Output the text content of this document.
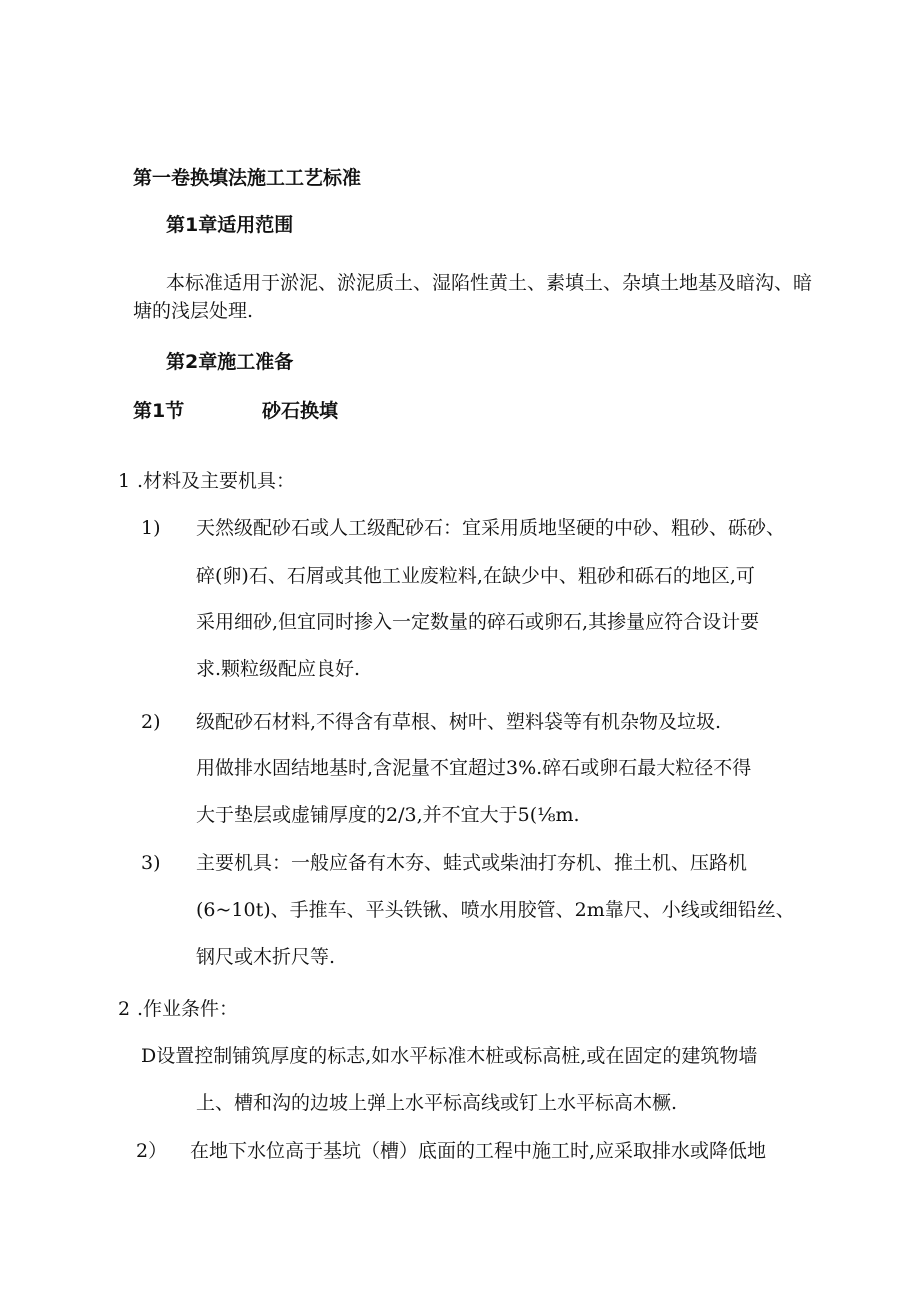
第一卷换填法施工工艺标准
第1章适用范围
本标准适用于淤泥、淤泥质土、湿陷性黄土、素填土、杂填土地基及暗沟、暗
塘的浅层处理.
第2章施工准备
第1节	砂石换填
1 .材料及主要机具：
1) 天然级配砂石或人工级配砂石：宜采用质地坚硬的中砂、粗砂、砾砂、
碎(卵)石、石屑或其他工业废粒料,在缺少中、粗砂和砾石的地区,可
采用细砂,但宜同时掺入一定数量的碎石或卵石,其掺量应符合设计要
求.颗粒级配应良好.
2) 级配砂石材料,不得含有草根、树叶、塑料袋等有机杂物及垃圾.
用做排水固结地基时,含泥量不宜超过3%.碎石或卵石最大粒径不得
大于垫层或虚铺厚度的2/3,并不宜大于5(⅛m.
3) 主要机具：一般应备有木夯、蛙式或柴油打夯机、推土机、压路机
(6~10t)、手推车、平头铁锹、喷水用胶管、2m靠尺、小线或细铅丝、
钢尺或木折尺等.
2 .作业条件：
D设置控制铺筑厚度的标志,如水平标准木桩或标高桩,或在固定的建筑物墙
上、槽和沟的边坡上弹上水平标高线或钉上水平标高木橛.
2） 在地下水位高于基坑（槽）底面的工程中施工时,应采取排水或降低地
